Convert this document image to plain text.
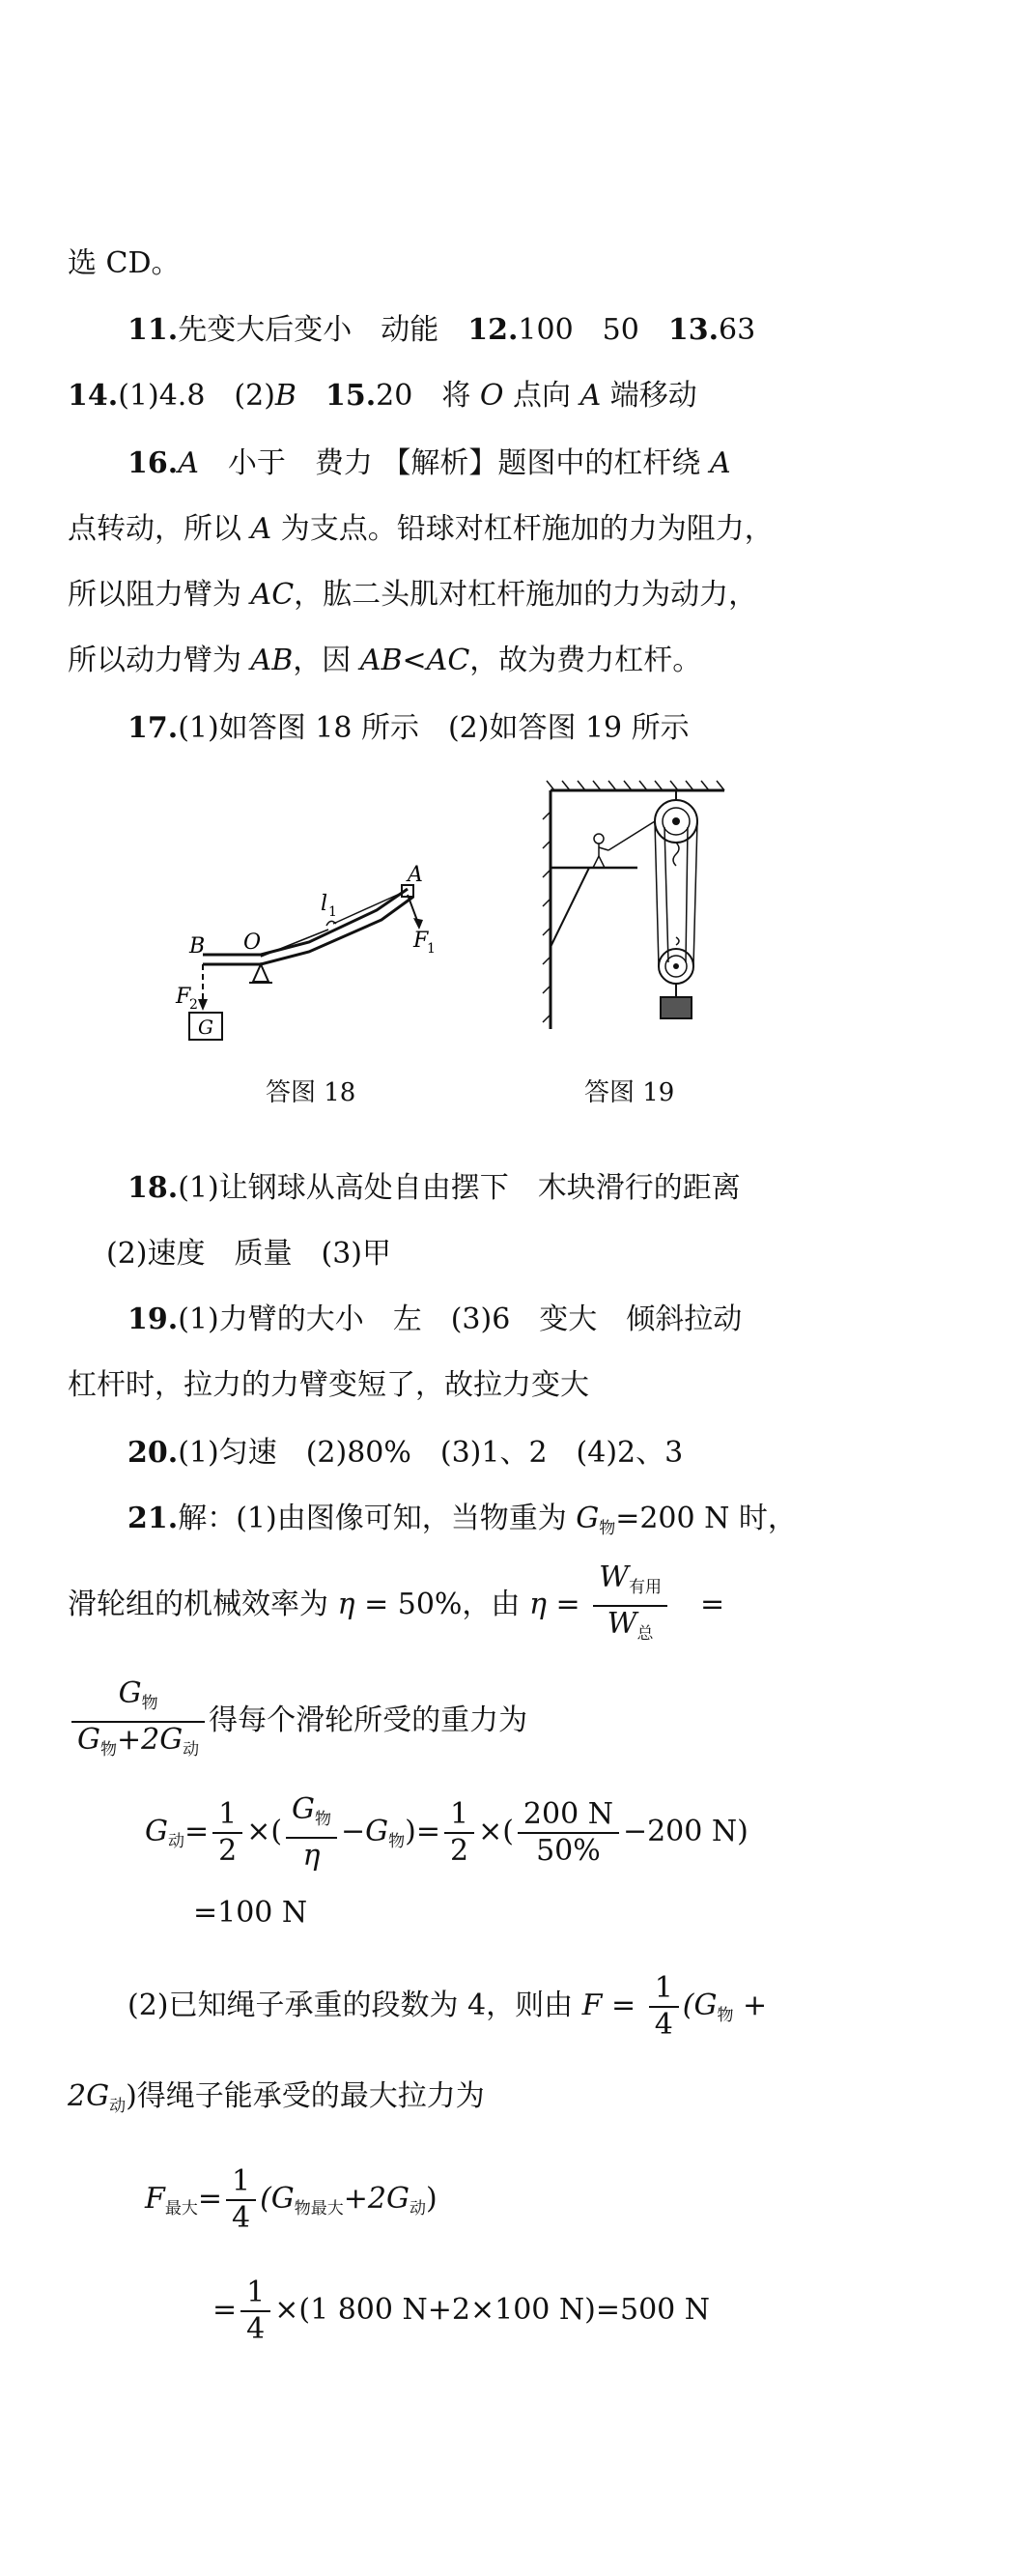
选 CD。
11.先变大后变小　动能　 12.100　50　 13.63
14.(1)4.8　(2)B　 15.20　将 O 点向 A 端移动
16.A　小于　费力 【解析】题图中的杠杆绕 A
点转动，所以 A 为支点。铅球对杠杆施加的力为阻力，
所以阻力臂为 AC，肱二头肌对杠杆施加的力为动力，
所以动力臂为 AB，因 AB<AC，故为费力杠杆。
17.(1)如答图 18 所示　(2)如答图 19 所示
A
B O
l 1
F
1
F
2
G
答图 18	答图 19
18.(1)让钢球从高处自由摆下　木块滑行的距离
(2)速度　质量　(3)甲
19.(1)力臂的大小　左　(3)6　变大　倾斜拉动
杠杆时，拉力的力臂变短了，故拉力变大
20.(1)匀速　(2)80%　(3)1、2　(4)2、3
21.解：(1)由图像可知，当物重为 $G_物=200$ N 时，
滑轮组的机械效率为 η = 50%，由 $\eta = \frac{W_{有用}}{W_总}$ =
$\frac{G_物}{G_物+2G_动}$ 得每个滑轮所受的重力为
$G_动= \frac{1}{2}$ ×( $\frac{G_物}{\eta} -G_物)= \frac{1}{2}$ ×( $\frac{200 N}{50\%} -200$ N)
=100 N
(2)已知绳子承重的段数为 4，则由 $F = \frac{1}{4} (G_物$ +
$2G_动$)得绳子能承受的最大拉力为
$F_{最大}= \frac{1}{4} (G_{物最大}+2G_动)$
= $\frac{1}{4} \times(1$ 800 N+2×100 N)=500 N
